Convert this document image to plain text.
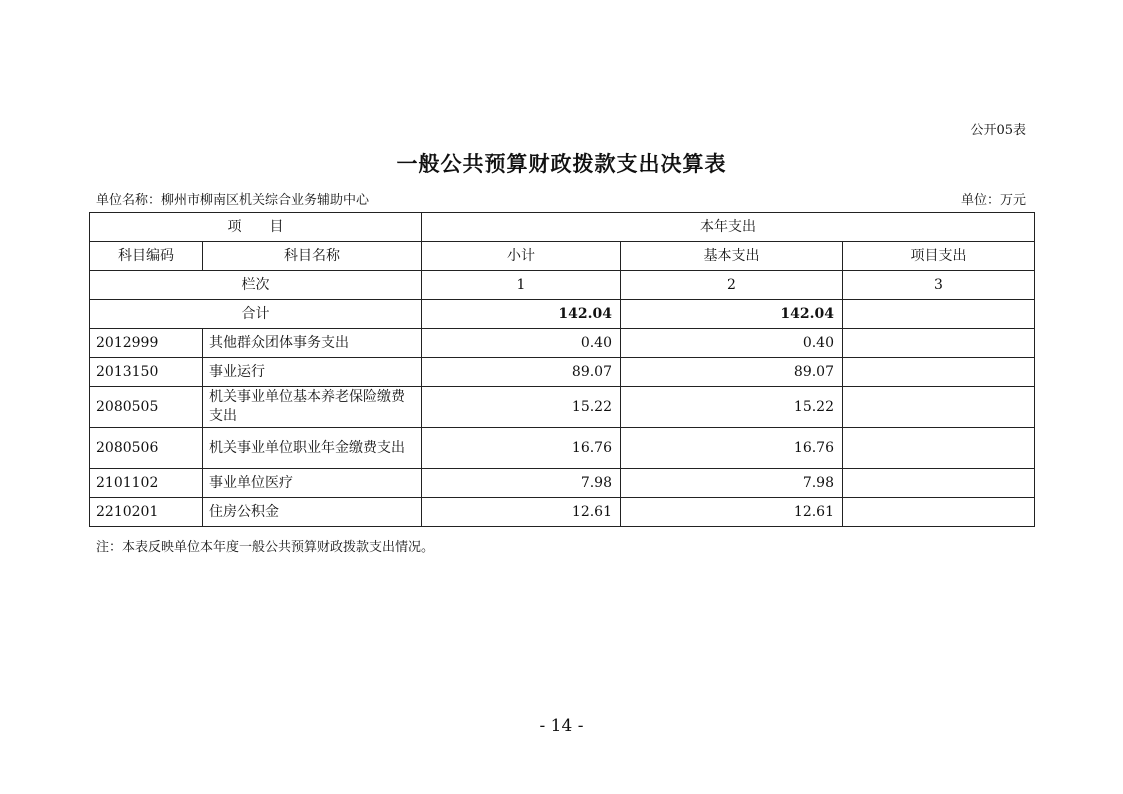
公开05表
一般公共预算财政拨款支出决算表
单位名称：柳州市柳南区机关综合业务辅助中心	单位：万元
项　　目		本年支出		
科目编码	科目名称	小计	基本支出	项目支出
栏次		1	2	3
合计		142.04	142.04	
2012999	其他群众团体事务支出	0.40	0.40	
2013150	事业运行	89.07	89.07	
2080505	机关事业单位基本养老保险缴费支出	15.22	15.22	
2080506	机关事业单位职业年金缴费支出	16.76	16.76	
2101102	事业单位医疗	7.98	7.98	
2210201	住房公积金	12.61	12.61	
注：本表反映单位本年度一般公共预算财政拨款支出情况。
- 14 -
